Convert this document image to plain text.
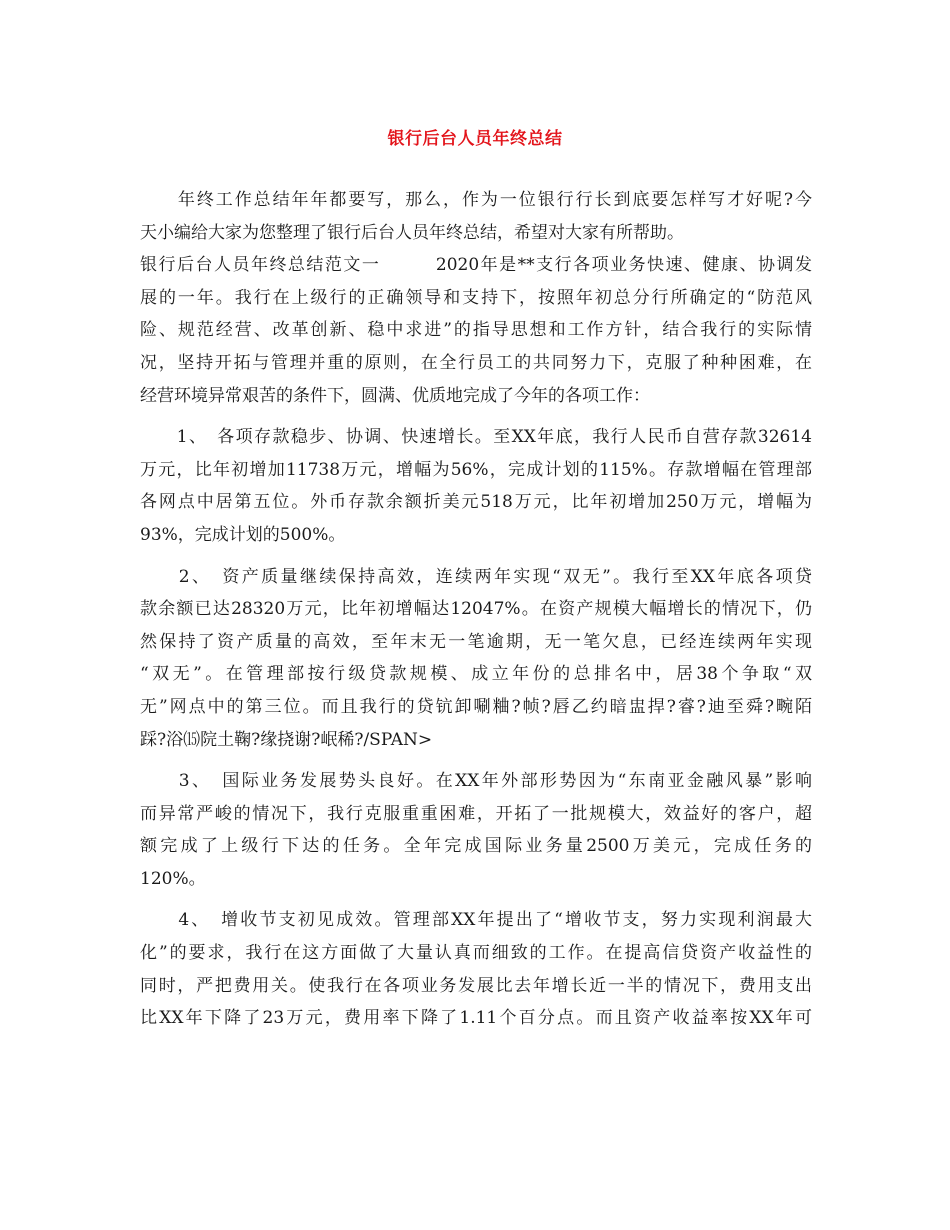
银行后台人员年终总结
　　年终工作总结年年都要写，那么，作为一位银行行长到底要怎样写才好呢?今
天小编给大家为您整理了银行后台人员年终总结，希望对大家有所帮助。
银行后台人员年终总结范文一　　　2020年是**支行各项业务快速、健康、协调发
展的一年。我行在上级行的正确领导和支持下，按照年初总分行所确定的“防范风
险、规范经营、改革创新、稳中求进”的指导思想和工作方针，结合我行的实际情
况，坚持开拓与管理并重的原则，在全行员工的共同努力下，克服了种种困难，在
经营环境异常艰苦的条件下，圆满、优质地完成了今年的各项工作：
　　1、　各项存款稳步、协调、快速增长。至XX年底，我行人民币自营存款32614
万元，比年初增加11738万元，增幅为56%，完成计划的115%。存款增幅在管理部
各网点中居第五位。外币存款余额折美元518万元，比年初增加250万元，增幅为
93%，完成计划的500%。
　　2、　资产质量继续保持高效，连续两年实现“双无”。我行至XX年底各项贷
款余额已达28320万元，比年初增幅达12047%。在资产规模大幅增长的情况下，仍
然保持了资产质量的高效，至年末无一笔逾期，无一笔欠息，已经连续两年实现
“双无”。在管理部按行级贷款规模、成立年份的总排名中，居38个争取“双
无”网点中的第三位。而且我行的贷钪卸唰粬?帧?唇乙约暗盅捍?睿?迪至舜?畹陌
踩?浴⒂院土鞠?缘挠谢?岷稀?/SPAN>
　　3、　国际业务发展势头良好。在XX年外部形势因为“东南亚金融风暴”影响
而异常严峻的情况下，我行克服重重困难，开拓了一批规模大，效益好的客户，超
额完成了上级行下达的任务。全年完成国际业务量2500万美元，完成任务的
120%。
　　4、　增收节支初见成效。管理部XX年提出了“增收节支，努力实现利润最大
化”的要求，我行在这方面做了大量认真而细致的工作。在提高信贷资产收益性的
同时，严把费用关。使我行在各项业务发展比去年增长近一半的情况下，费用支出
比XX年下降了23万元，费用率下降了1.11个百分点。而且资产收益率按XX年可
